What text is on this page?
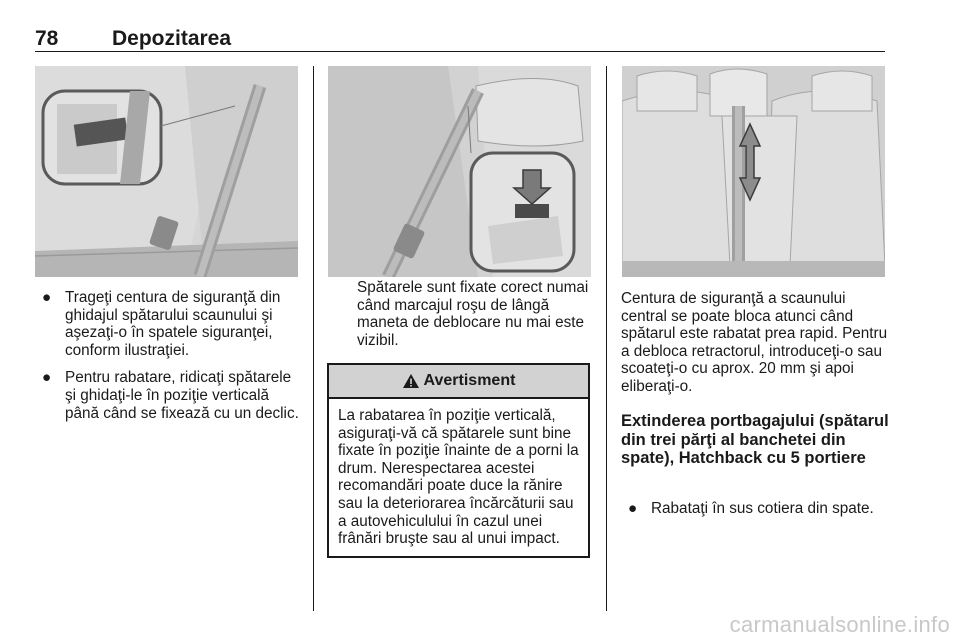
78	Depozitarea
● Trageţi centura de siguranţă din ghidajul spătarului scaunului şi aşezaţi-o în spatele siguranţei, conform ilustraţiei.
● Pentru rabatare, ridicaţi spătarele şi ghidaţi-le în poziţie verticală până când se fixează cu un declic.
Spătarele sunt fixate corect numai când marcajul roşu de lângă maneta de deblocare nu mai este vizibil.
Avertisment
La rabatarea în poziţie verticală, asiguraţi-vă că spătarele sunt bine fixate în poziţie înainte de a porni la drum. Nerespectarea acestei recomandări poate duce la rănire sau la deteriorarea încărcăturii sau a autovehiculului în cazul unei frânări bruşte sau al unui impact.
Centura de siguranţă a scaunului central se poate bloca atunci când spătarul este rabatat prea rapid. Pentru a debloca retractorul, introduceţi-o sau scoateţi-o cu aprox. 20 mm şi apoi eliberaţi-o.
Extinderea portbagajului (spătarul din trei părţi al banchetei din spate), Hatchback cu 5 portiere
● Rabataţi în sus cotiera din spate.
carmanualsonline.info
